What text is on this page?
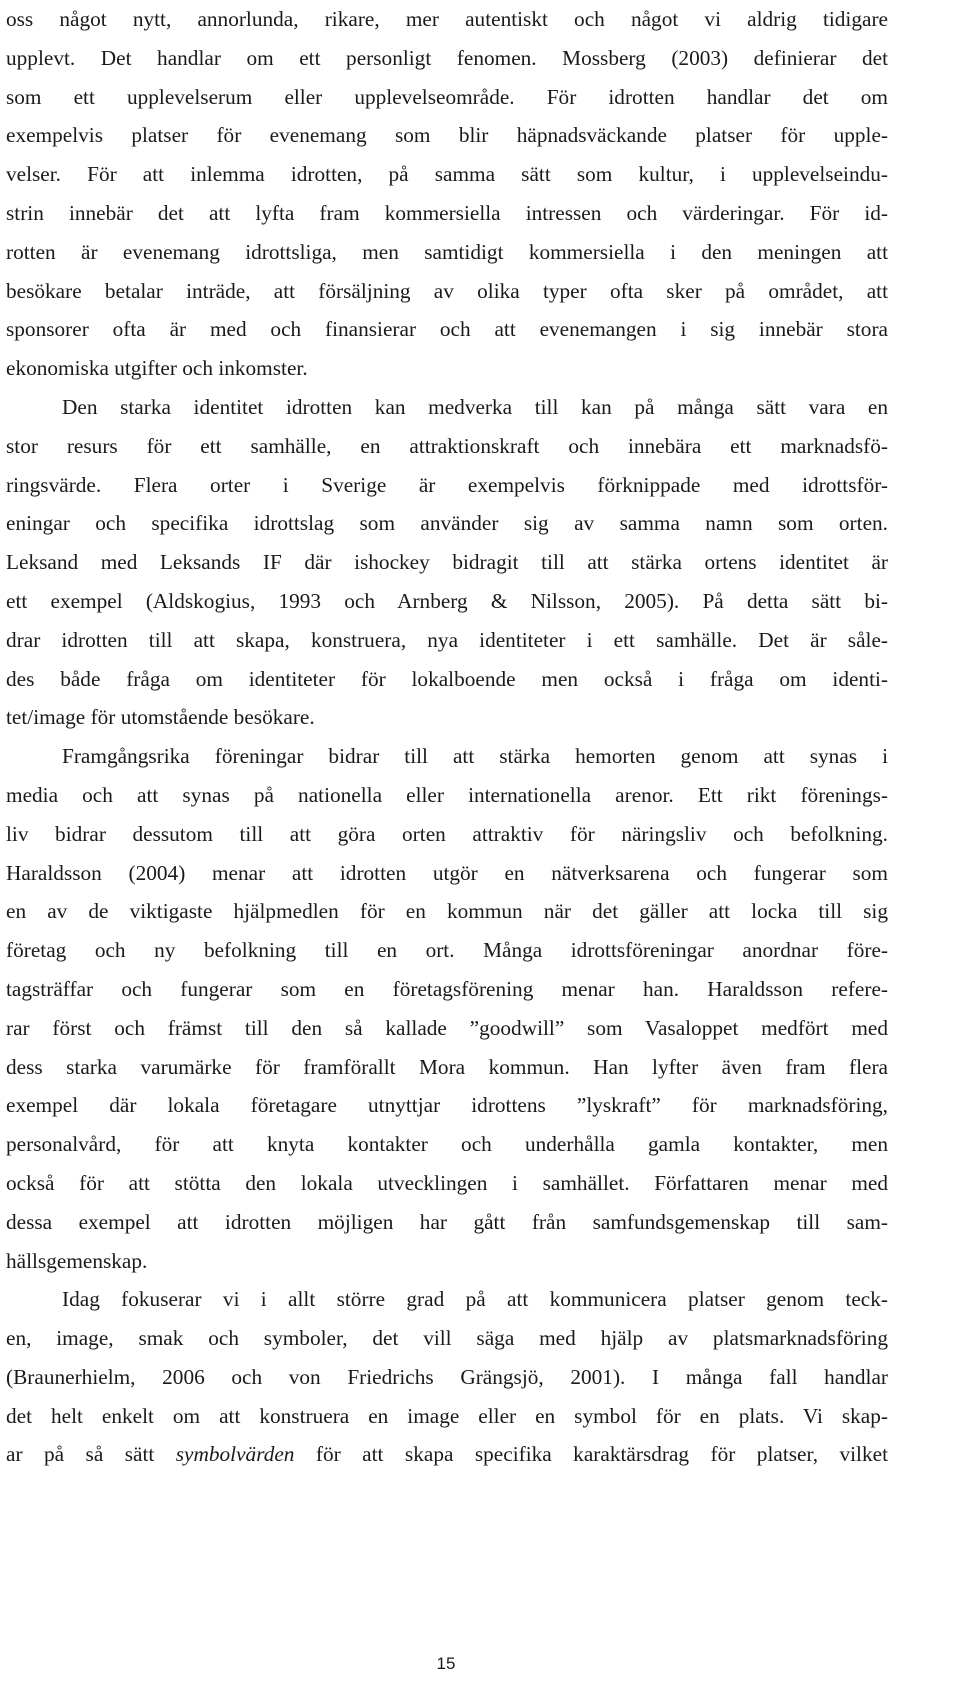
oss något nytt, annorlunda, rikare, mer autentiskt och något vi aldrig tidigare
upplevt. Det handlar om ett personligt fenomen. Mossberg (2003) definierar det
som ett upplevelserum eller upplevelseområde. För idrotten handlar det om
exempelvis platser för evenemang som blir häpnadsväckande platser för upple-
velser. För att inlemma idrotten, på samma sätt som kultur, i upplevelseindu-
strin innebär det att lyfta fram kommersiella intressen och värderingar. För id-
rotten är evenemang idrottsliga, men samtidigt kommersiella i den meningen att
besökare betalar inträde, att försäljning av olika typer ofta sker på området, att
sponsorer ofta är med och finansierar och att evenemangen i sig innebär stora
ekonomiska utgifter och inkomster.

Den starka identitet idrotten kan medverka till kan på många sätt vara en
stor resurs för ett samhälle, en attraktionskraft och innebära ett marknadsfö-
ringsvärde. Flera orter i Sverige är exempelvis förknippade med idrottsför-
eningar och specifika idrottslag som använder sig av samma namn som orten.
Leksand med Leksands IF där ishockey bidragit till att stärka ortens identitet är
ett exempel (Aldskogius, 1993 och Arnberg & Nilsson, 2005). På detta sätt bi-
drar idrotten till att skapa, konstruera, nya identiteter i ett samhälle. Det är såle-
des både fråga om identiteter för lokalboende men också i fråga om identi-
tet/image för utomstående besökare.

Framgångsrika föreningar bidrar till att stärka hemorten genom att synas i
media och att synas på nationella eller internationella arenor. Ett rikt förenings-
liv bidrar dessutom till att göra orten attraktiv för näringsliv och befolkning.
Haraldsson (2004) menar att idrotten utgör en nätverksarena och fungerar som
en av de viktigaste hjälpmedlen för en kommun när det gäller att locka till sig
företag och ny befolkning till en ort. Många idrottsföreningar anordnar före-
tagsträffar och fungerar som en företagsförening menar han. Haraldsson referе-
rar först och främst till den så kallade ”goodwill” som Vasaloppet medfört med
dess starka varumärke för framförallt Mora kommun. Han lyfter även fram flera
exempel där lokala företagare utnyttjar idrottens ”lyskraft” för marknadsföring,
personalvård, för att knyta kontakter och underhålla gamla kontakter, men
också för att stötta den lokala utvecklingen i samhället. Författaren menar med
dessa exempel att idrotten möjligen har gått från samfundsgemenskap till sam-
hällsgemenskap.

Idag fokuserar vi i allt större grad på att kommunicera platser genom teck-
en, image, smak och symboler, det vill säga med hjälp av platsmarknadsföring
(Braunerhielm, 2006 och von Friedrichs Grängsjö, 2001). I många fall handlar
det helt enkelt om att konstruera en image eller en symbol för en plats. Vi skap-
ar på så sätt symbolvärden för att skapa specifika karaktärsdrag för platser, vilket

15
